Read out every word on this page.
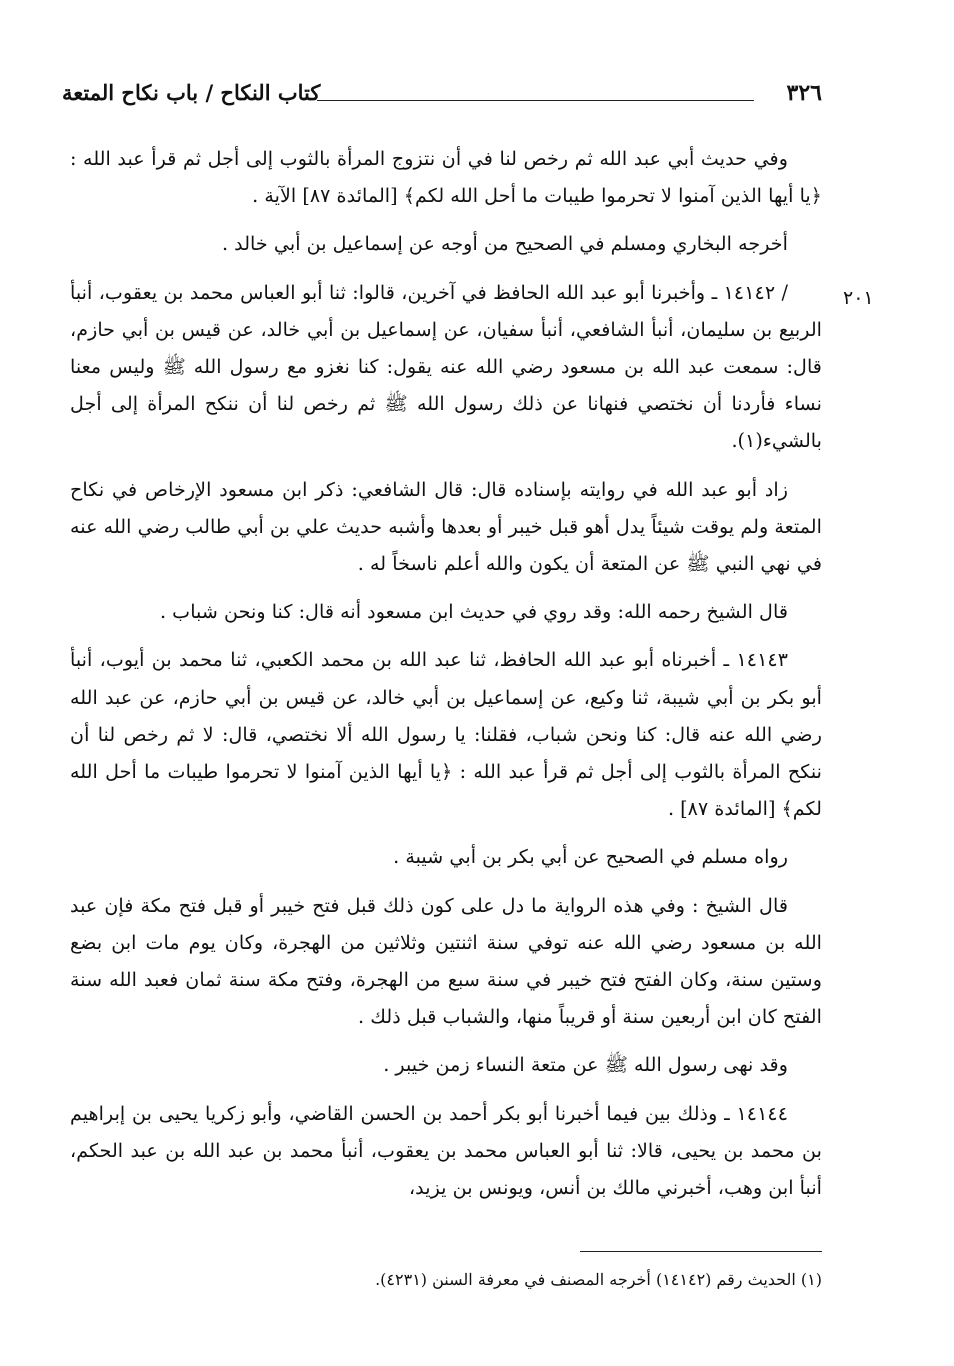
٣٢٦
كتاب النكاح / باب نكاح المتعة
٢٠١

وفي حديث أبي عبد الله ثم رخص لنا في أن نتزوج المرأة بالثوب إلى أجل ثم قرأ عبد الله : ﴿يا أيها الذين آمنوا لا تحرموا طيبات ما أحل الله لكم﴾ [المائدة ٨٧] الآية .

أخرجه البخاري ومسلم في الصحيح من أوجه عن إسماعيل بن أبي خالد .

/ ١٤١٤٢ ـ وأخبرنا أبو عبد الله الحافظ في آخرين، قالوا: ثنا أبو العباس محمد بن يعقوب، أنبأ الربيع بن سليمان، أنبأ الشافعي، أنبأ سفيان، عن إسماعيل بن أبي خالد، عن قيس بن أبي حازم، قال: سمعت عبد الله بن مسعود رضي الله عنه يقول: كنا نغزو مع رسول الله ﷺ وليس معنا نساء فأردنا أن نختصي فنهانا عن ذلك رسول الله ﷺ ثم رخص لنا أن ننكح المرأة إلى أجل بالشيء(١).

زاد أبو عبد الله في روايته بإسناده قال: قال الشافعي: ذكر ابن مسعود الإرخاص في نكاح المتعة ولم يوقت شيئاً يدل أهو قبل خيبر أو بعدها وأشبه حديث علي بن أبي طالب رضي الله عنه في نهي النبي ﷺ عن المتعة أن يكون والله أعلم ناسخاً له .

قال الشيخ رحمه الله: وقد روي في حديث ابن مسعود أنه قال: كنا ونحن شباب .

١٤١٤٣ ـ أخبرناه أبو عبد الله الحافظ، ثنا عبد الله بن محمد الكعبي، ثنا محمد بن أيوب، أنبأ أبو بكر بن أبي شيبة، ثنا وكيع، عن إسماعيل بن أبي خالد، عن قيس بن أبي حازم، عن عبد الله رضي الله عنه قال: كنا ونحن شباب، فقلنا: يا رسول الله ألا نختصي، قال: لا ثم رخص لنا أن ننكح المرأة بالثوب إلى أجل ثم قرأ عبد الله : ﴿يا أيها الذين آمنوا لا تحرموا طيبات ما أحل الله لكم﴾ [المائدة ٨٧] .

رواه مسلم في الصحيح عن أبي بكر بن أبي شيبة .

قال الشيخ : وفي هذه الرواية ما دل على كون ذلك قبل فتح خيبر أو قبل فتح مكة فإن عبد الله بن مسعود رضي الله عنه توفي سنة اثنتين وثلاثين من الهجرة، وكان يوم مات ابن بضع وستين سنة، وكان الفتح فتح خيبر في سنة سبع من الهجرة، وفتح مكة سنة ثمان فعبد الله سنة الفتح كان ابن أربعين سنة أو قريباً منها، والشباب قبل ذلك .

وقد نهى رسول الله ﷺ عن متعة النساء زمن خيبر .

١٤١٤٤ ـ وذلك بين فيما أخبرنا أبو بكر أحمد بن الحسن القاضي، وأبو زكريا يحيى بن إبراهيم بن محمد بن يحيى، قالا: ثنا أبو العباس محمد بن يعقوب، أنبأ محمد بن عبد الله بن عبد الحكم، أنبأ ابن وهب، أخبرني مالك بن أنس، ويونس بن يزيد،

(١) الحديث رقم (١٤١٤٢) أخرجه المصنف في معرفة السنن (٤٢٣١).
